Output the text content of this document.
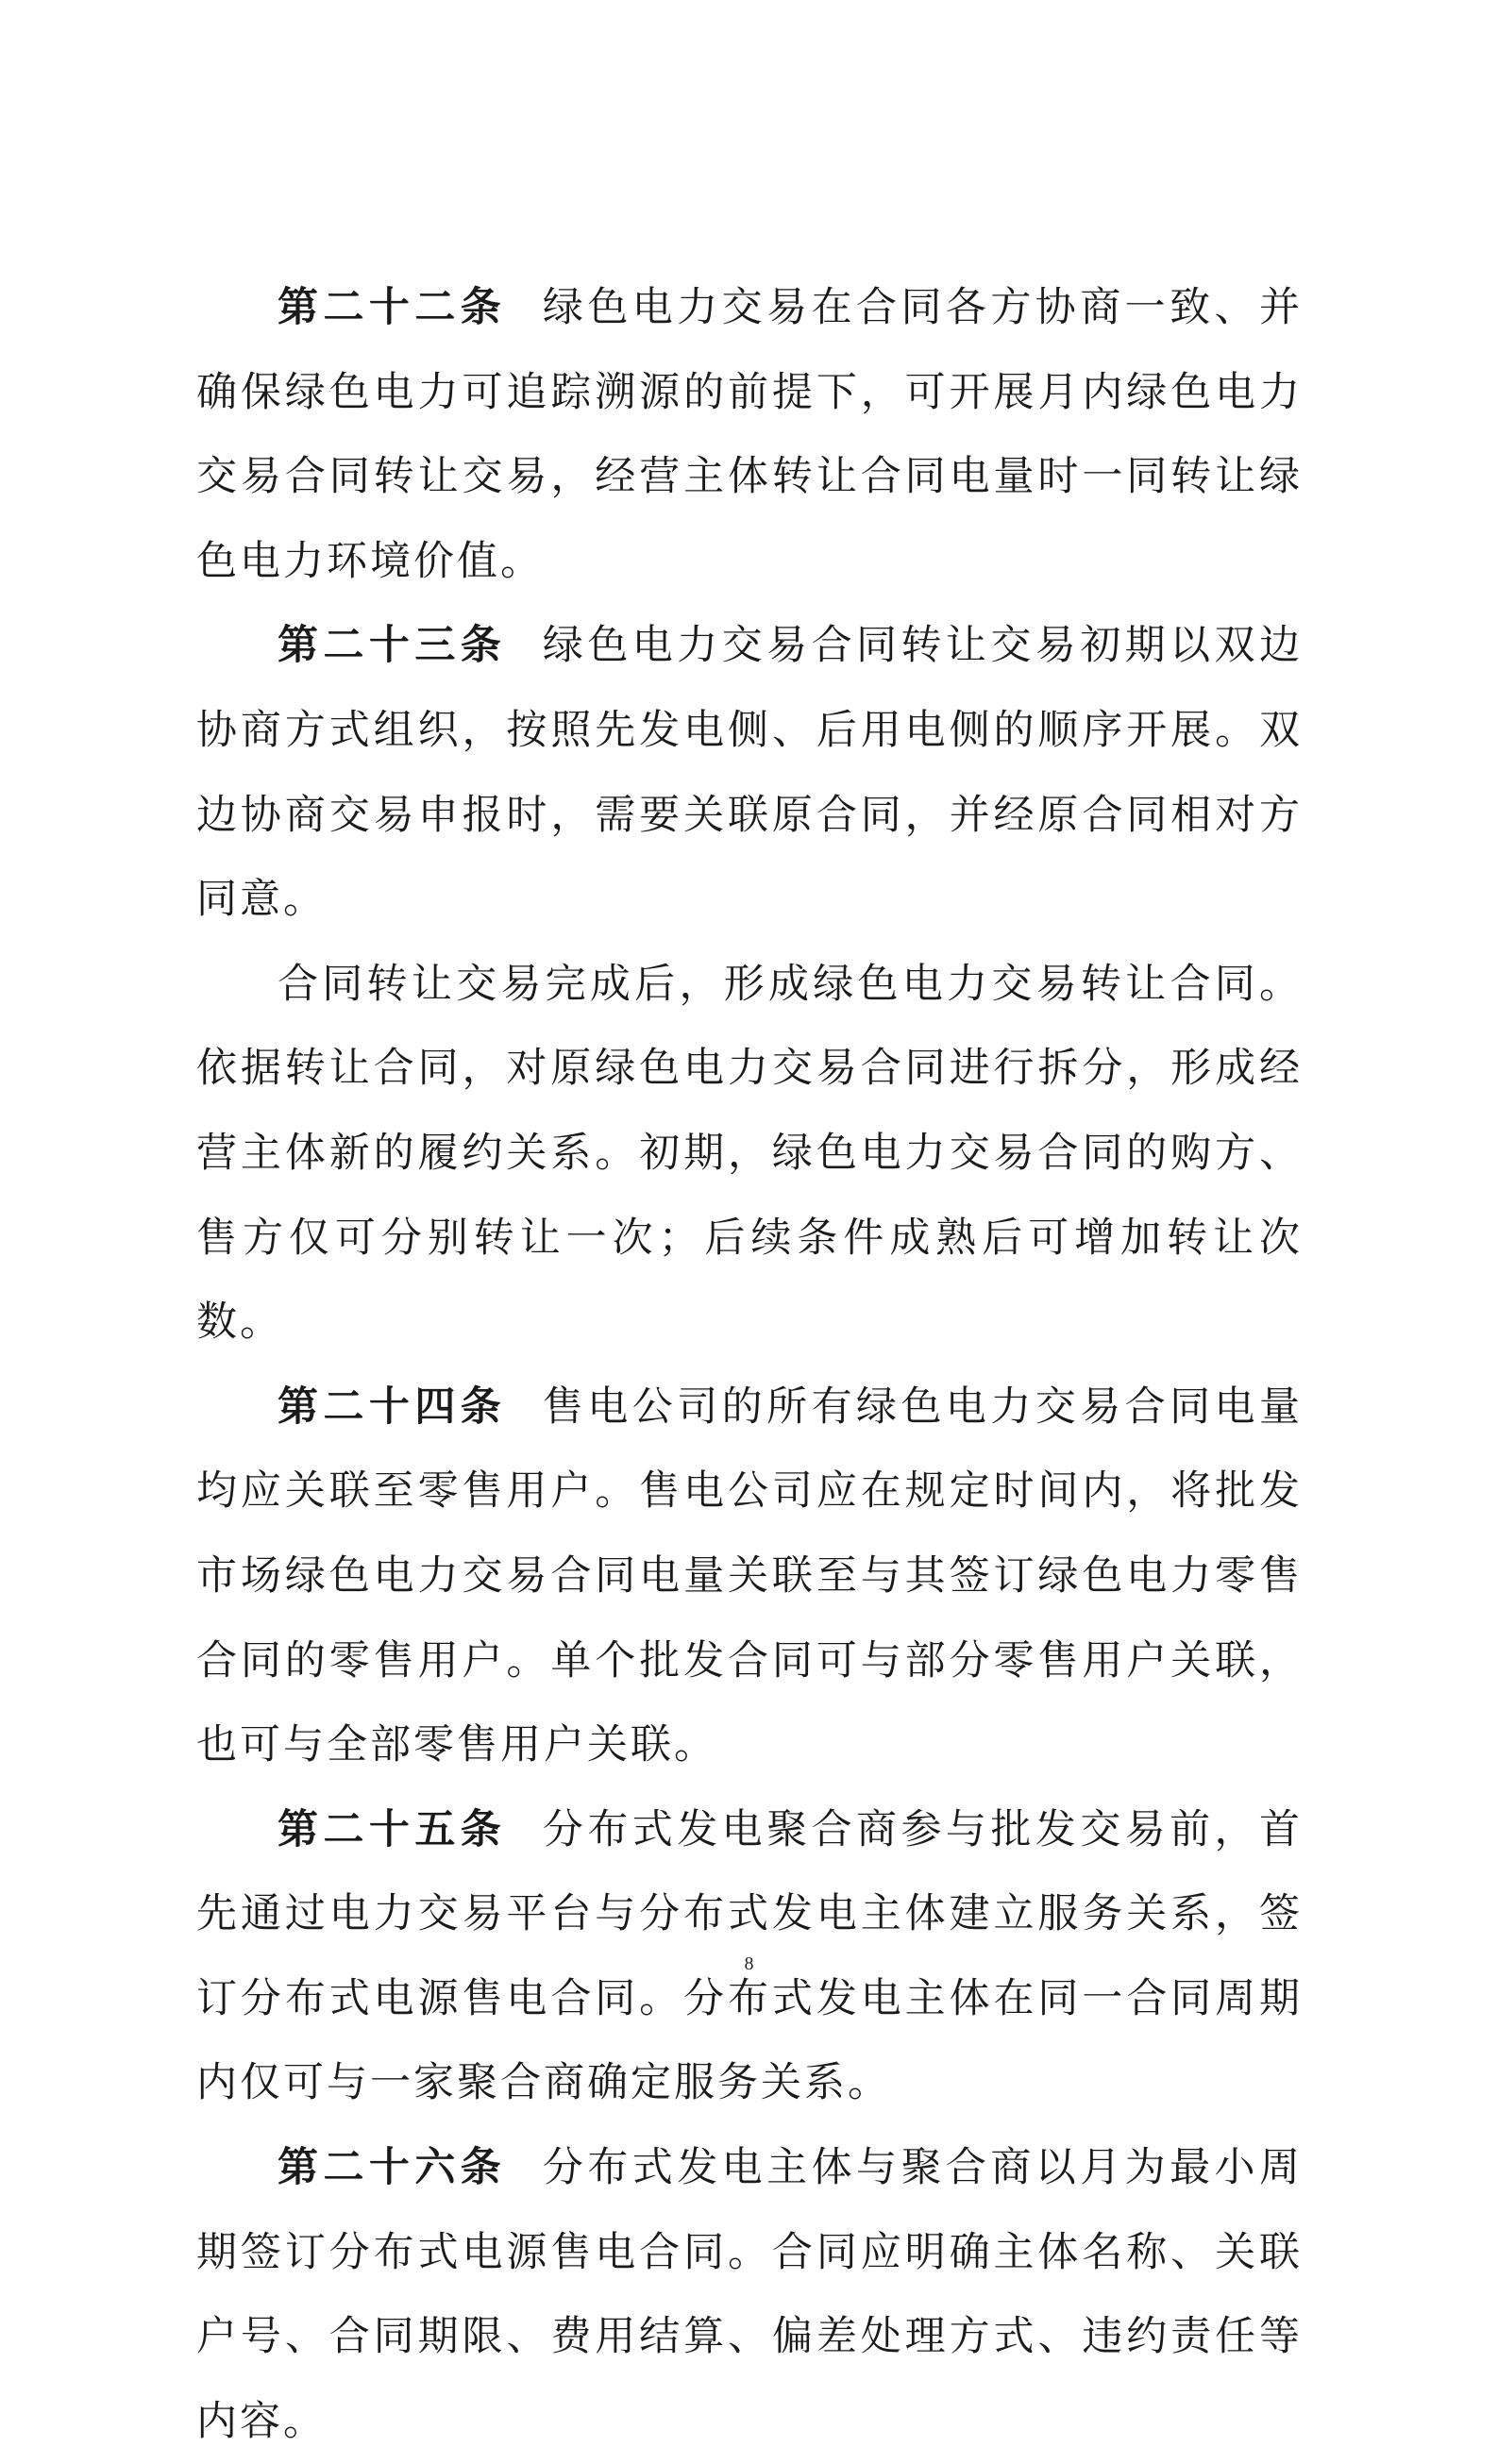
第二十二条 绿色电力交易在合同各方协商一致、并确保绿色电力可追踪溯源的前提下，可开展月内绿色电力交易合同转让交易，经营主体转让合同电量时一同转让绿色电力环境价值。

第二十三条 绿色电力交易合同转让交易初期以双边协商方式组织，按照先发电侧、后用电侧的顺序开展。双边协商交易申报时，需要关联原合同，并经原合同相对方同意。

合同转让交易完成后，形成绿色电力交易转让合同。依据转让合同，对原绿色电力交易合同进行拆分，形成经营主体新的履约关系。初期，绿色电力交易合同的购方、售方仅可分别转让一次；后续条件成熟后可增加转让次数。

第二十四条 售电公司的所有绿色电力交易合同电量均应关联至零售用户。售电公司应在规定时间内，将批发市场绿色电力交易合同电量关联至与其签订绿色电力零售合同的零售用户。单个批发合同可与部分零售用户关联，也可与全部零售用户关联。

第二十五条 分布式发电聚合商参与批发交易前，首先通过电力交易平台与分布式发电主体建立服务关系，签订分布式电源售电合同。分布式发电主体在同一合同周期内仅可与一家聚合商确定服务关系。

第二十六条 分布式发电主体与聚合商以月为最小周期签订分布式电源售电合同。合同应明确主体名称、关联户号、合同期限、费用结算、偏差处理方式、违约责任等内容。

8
